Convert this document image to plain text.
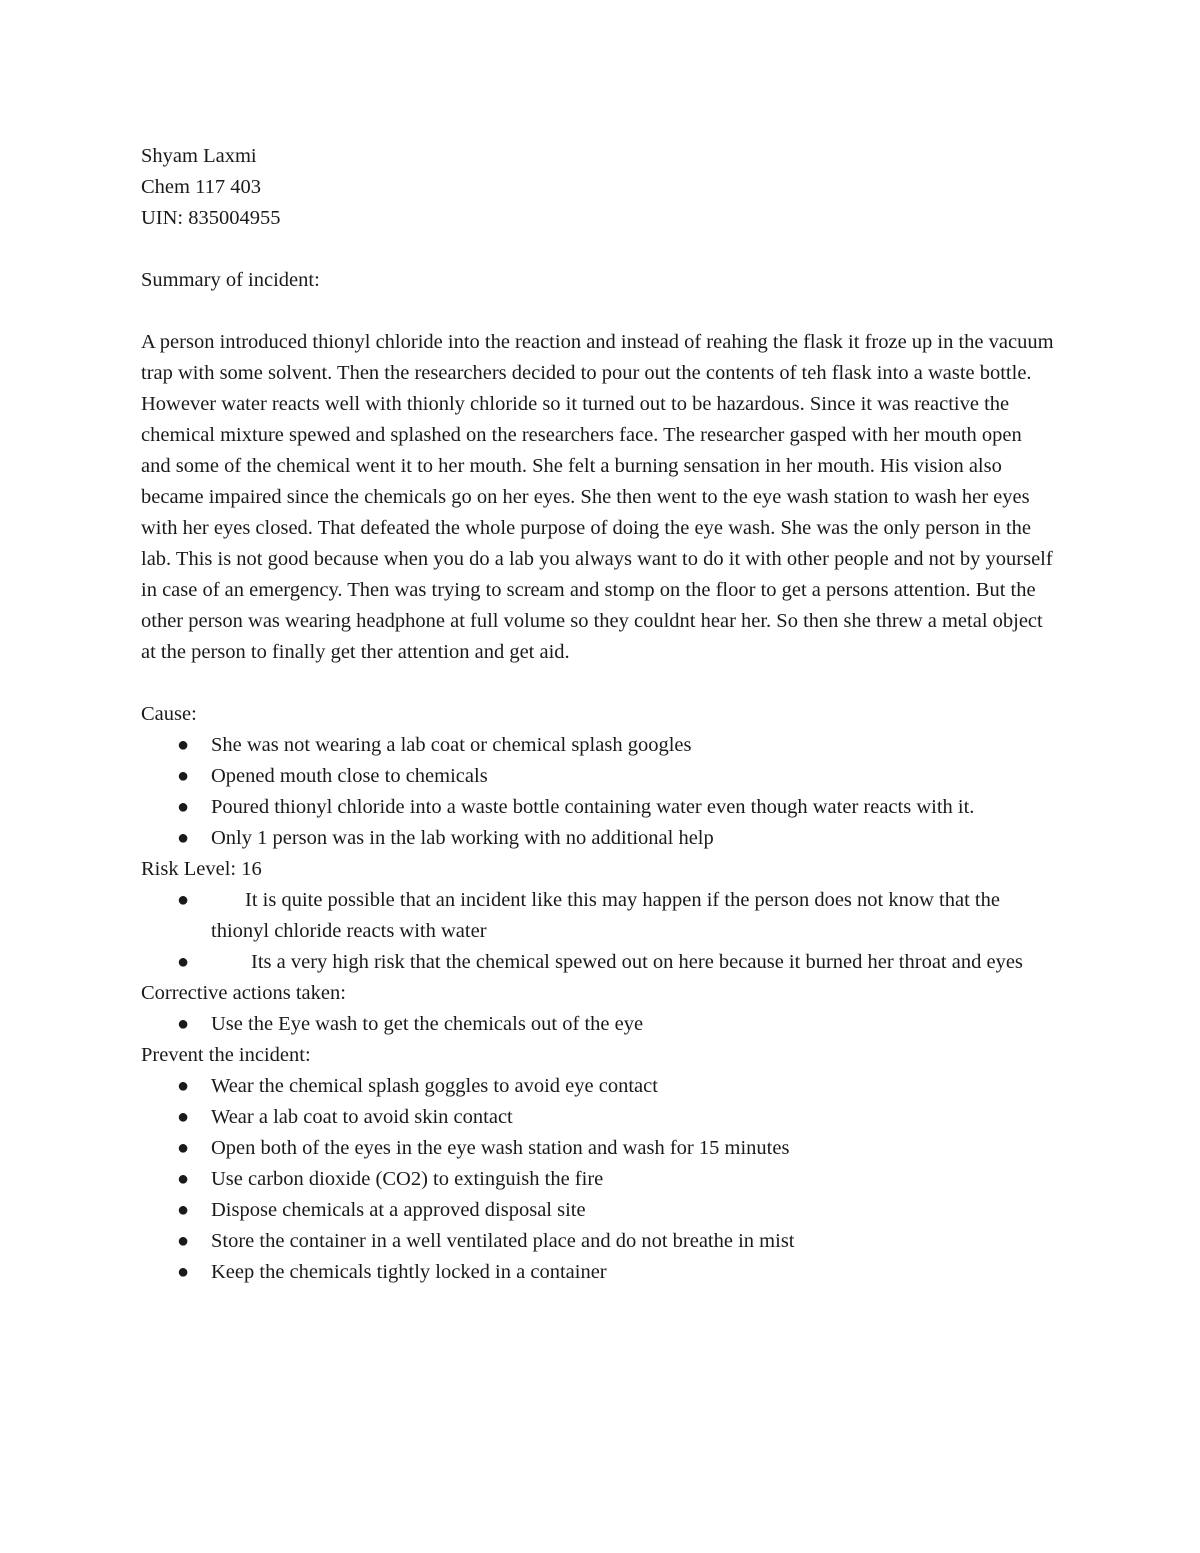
Shyam Laxmi
Chem 117 403
UIN: 835004955
Summary of incident:
A person introduced thionyl chloride into the reaction and instead of reahing the flask it froze up in the vacuum trap with some solvent. Then the researchers decided to pour out the contents of teh flask into a waste bottle. However water reacts well with thionly chloride so it turned out to be hazardous. Since it was reactive the chemical mixture spewed and splashed on the researchers face. The researcher gasped with her mouth open and some of the chemical went it to her mouth. She felt a burning sensation in her mouth. His vision also became impaired since the chemicals go on her eyes. She then went to the eye wash station to wash her eyes with her eyes closed. That defeated the whole purpose of doing the eye wash. She was the only person in the lab. This is not good because when you do a lab you always want to do it with other people and not by yourself in case of an emergency. Then was trying to scream and stomp on the floor to get a persons attention. But the other person was wearing headphone at full volume so they couldnt hear her. So then she threw a metal object at the person to finally get ther attention and get aid.
Cause:
● She was not wearing a lab coat or chemical splash googles
● Opened mouth close to chemicals
● Poured thionyl chloride into a waste bottle containing water even though water reacts with it.
● Only 1 person was in the lab working with no additional help
Risk Level: 16
●	It is quite possible that an incident like this may happen if the person does not know that the thionyl chloride reacts with water
●	Its a very high risk that the chemical spewed out on here because it burned her throat and eyes
Corrective actions taken:
● Use the Eye wash to get the chemicals out of the eye
Prevent the incident:
● Wear the chemical splash goggles to avoid eye contact
● Wear a lab coat to avoid skin contact
● Open both of the eyes in the eye wash station and wash for 15 minutes
● Use carbon dioxide (CO2) to extinguish the fire
● Dispose chemicals at a approved disposal site
● Store the container in a well ventilated place and do not breathe in mist
● Keep the chemicals tightly locked in a container
